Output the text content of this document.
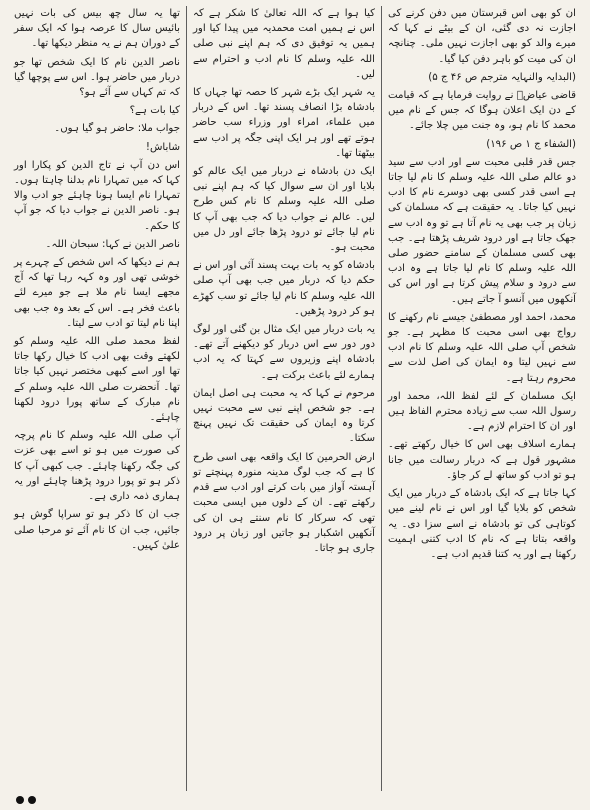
ان کو بھی اس قبرستان میں دفن کرنے کی اجازت نہ دی گئی، ان کے بیٹے نے کہا کہ میرے والد کو بھی اجازت نہیں ملی۔ چنانچہ ان کی میت کو باہر دفن کیا گیا۔

(البدایہ والنہایہ مترجم ص ۴۶ ج ۵)

قاضی عیاضؒ نے روایت فرمایا ہے کہ قیامت کے دن ایک اعلان ہوگا کہ جس کے نام میں محمد کا نام ہو، وہ جنت میں چلا جائے۔

(الشفاء ج ۱ ص ۱۹۶)

جس قدر قلبی محبت سے اور ادب سے سید دو عالم صلی اللہ علیہ وسلم کا نام لیا جاتا ہے اسی قدر کسی بھی دوسرے نام کا ادب نہیں کیا جاتا۔ یہ حقیقت ہے کہ مسلمان کی زبان پر جب بھی یہ نام آتا ہے تو وہ ادب سے جھک جاتا ہے اور درود شریف پڑھتا ہے۔ جب بھی کسی مسلمان کے سامنے حضور صلی اللہ علیہ وسلم کا نام لیا جاتا ہے وہ ادب سے درود و سلام پیش کرتا ہے اور اس کی آنکھوں میں آنسو آ جاتے ہیں۔

محمد، احمد اور مصطفیٰ جیسے نام رکھنے کا رواج بھی اسی محبت کا مظہر ہے۔ جو شخص آپ صلی اللہ علیہ وسلم کا نام ادب سے نہیں لیتا وہ ایمان کی اصل لذت سے محروم رہتا ہے۔

ایک مسلمان کے لئے لفظ اللہ، محمد اور رسول اللہ سب سے زیادہ محترم الفاظ ہیں اور ان کا احترام لازم ہے۔

ہمارے اسلاف بھی اس کا خیال رکھتے تھے۔ مشہور قول ہے کہ دربار رسالت میں جانا ہو تو ادب کو ساتھ لے کر جاؤ۔

کہا جاتا ہے کہ ایک بادشاہ کے دربار میں ایک شخص کو بلایا گیا اور اس نے نام لینے میں کوتاہی کی تو بادشاہ نے اسے سزا دی۔ یہ واقعہ بتاتا ہے کہ نام کا ادب کتنی اہمیت رکھتا ہے اور یہ کتنا قدیم ادب ہے۔

کیا ہوا ہے کہ اللہ تعالیٰ کا شکر ہے کہ اس نے ہمیں امت محمدیہ میں پیدا کیا اور ہمیں یہ توفیق دی کہ ہم اپنے نبی صلی اللہ علیہ وسلم کا نام ادب و احترام سے لیں۔

یہ شہر ایک بڑے شہر کا حصہ تھا جہاں کا بادشاہ بڑا انصاف پسند تھا۔ اس کے دربار میں علماء، امراء اور وزراء سب حاضر ہوتے تھے اور ہر ایک اپنی جگہ پر ادب سے بیٹھتا تھا۔

ایک دن بادشاہ نے دربار میں ایک عالم کو بلایا اور ان سے سوال کیا کہ ہم اپنے نبی صلی اللہ علیہ وسلم کا نام کس طرح لیں۔ عالم نے جواب دیا کہ جب بھی آپ کا نام لیا جائے تو درود پڑھا جائے اور دل میں محبت ہو۔

بادشاہ کو یہ بات بہت پسند آئی اور اس نے حکم دیا کہ دربار میں جب بھی آپ صلی اللہ علیہ وسلم کا نام لیا جائے تو سب کھڑے ہو کر درود پڑھیں۔

یہ بات دربار میں ایک مثال بن گئی اور لوگ دور دور سے اس دربار کو دیکھنے آتے تھے۔ بادشاہ اپنے وزیروں سے کہتا کہ یہ ادب ہمارے لئے باعث برکت ہے۔

مرحوم نے کہا کہ یہ محبت ہی اصل ایمان ہے۔ جو شخص اپنے نبی سے محبت نہیں کرتا وہ ایمان کی حقیقت تک نہیں پہنچ سکتا۔

ارض الحرمین کا ایک واقعہ بھی اسی طرح کا ہے کہ جب لوگ مدینہ منورہ پہنچتے تو آہستہ آواز میں بات کرتے اور ادب سے قدم رکھتے تھے۔ ان کے دلوں میں ایسی محبت تھی کہ سرکار کا نام سنتے ہی ان کی آنکھیں اشکبار ہو جاتیں اور زبان پر درود جاری ہو جاتا۔

تھا یہ سال چھ بیس کی بات نہیں بائیس سال کا عرصہ ہوا کہ ایک سفر کے دوران ہم نے یہ منظر دیکھا تھا۔

ناصر الدین نام کا ایک شخص تھا جو دربار میں حاضر ہوا۔ اس سے پوچھا گیا کہ تم کہاں سے آئے ہو؟

کیا بات ہے؟

جواب ملا: حاضر ہو گیا ہوں۔

شاباش!

اس دن آپ نے تاج الدین کو پکارا اور کہا کہ میں تمہارا نام بدلنا چاہتا ہوں۔ تمہارا نام ایسا ہونا چاہئے جو ادب والا ہو۔ ناصر الدین نے جواب دیا کہ جو آپ کا حکم۔

ناصر الدین نے کہا: سبحان اللہ۔

ہم نے دیکھا کہ اس شخص کے چہرے پر خوشی تھی اور وہ کہہ رہا تھا کہ آج مجھے ایسا نام ملا ہے جو میرے لئے باعث فخر ہے۔ اس کے بعد وہ جب بھی اپنا نام لیتا تو ادب سے لیتا۔

لفظ محمد صلی اللہ علیہ وسلم کو لکھتے وقت بھی ادب کا خیال رکھا جاتا تھا اور اسے کبھی مختصر نہیں کیا جاتا تھا۔ آنحضرت صلی اللہ علیہ وسلم کے نام مبارک کے ساتھ پورا درود لکھنا چاہئے۔

آپ صلی اللہ علیہ وسلم کا نام پرچہ کی صورت میں ہو تو اسے بھی عزت کی جگہ رکھنا چاہئے۔ جب کبھی آپ کا ذکر ہو تو پورا درود پڑھنا چاہئے اور یہ ہماری ذمہ داری ہے۔

جب ان کا ذکر ہو تو سراپا گوش ہو جائیں، جب ان کا نام آئے تو مرحبا صلی علیٰ کہیں۔
